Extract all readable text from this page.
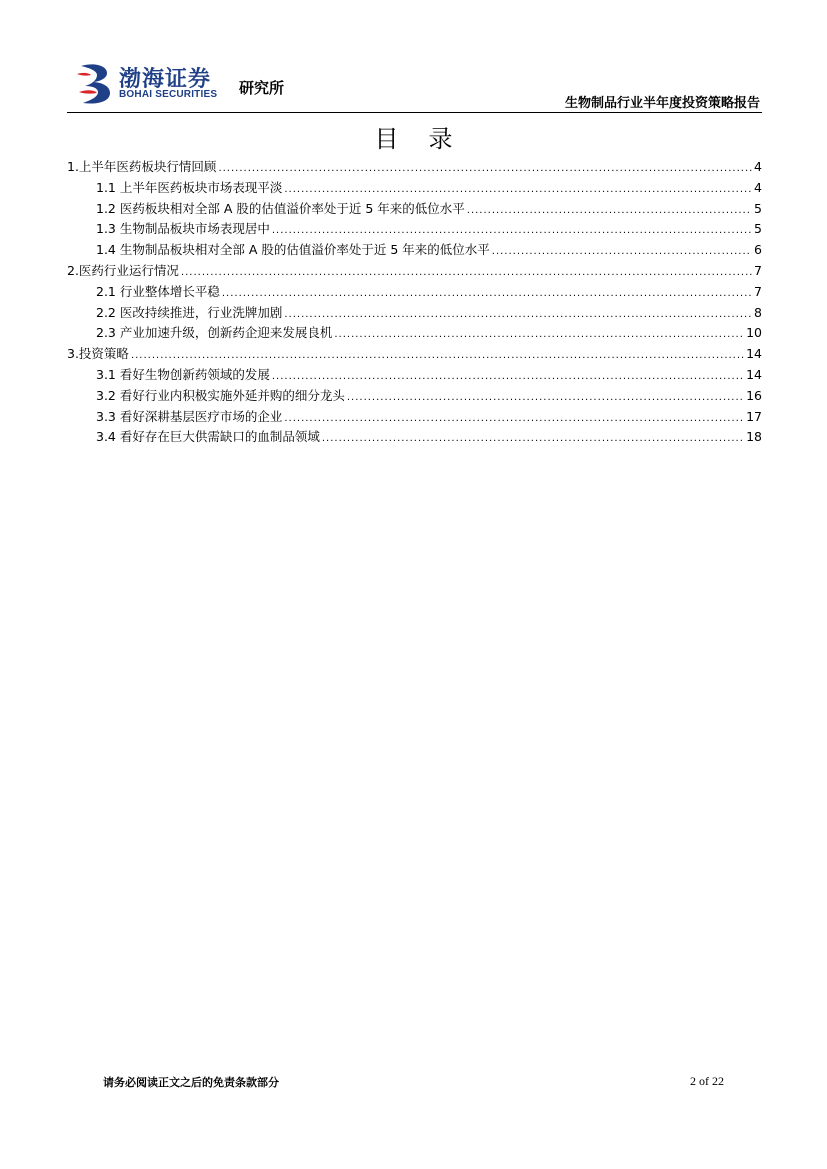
渤海证券
BOHAI SECURITIES 研究所
生物制品行业半年度投资策略报告
目录
1.上半年医药板块行情回顾 .....	4
1.1 上半年医药板块市场表现平淡 .....	4
1.2 医药板块相对全部 A 股的估值溢价率处于近 5 年来的低位水平 .....	5
1.3 生物制品板块市场表现居中 .....	5
1.4 生物制品板块相对全部 A 股的估值溢价率处于近 5 年来的低位水平 .....	6
2.医药行业运行情况 .....	7
2.1 行业整体增长平稳 .....	7
2.2 医改持续推进，行业洗牌加剧 .....	8
2.3 产业加速升级，创新药企迎来发展良机 .....	10
3.投资策略 .....	14
3.1 看好生物创新药领域的发展 .....	14
3.2 看好行业内积极实施外延并购的细分龙头 .....	16
3.3 看好深耕基层医疗市场的企业 .....	17
3.4 看好存在巨大供需缺口的血制品领域 .....	18
请务必阅读正文之后的免责条款部分	2 of 22
